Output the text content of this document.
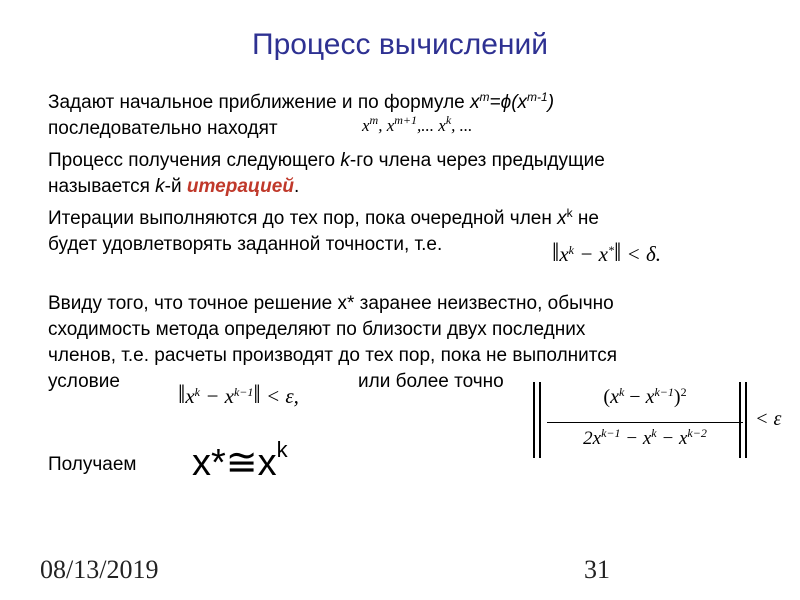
Процесс вычислений
Задают начальное приближение и по формуле $x^m=\phi(x^{m-1})$
последовательно находят	$x^m$, $x^{m+1}$,... $x^k$, ...
Процесс получения следующего k-го члена через предыдущие
называется k-й итерацией.
Итерации выполняются до тех пор, пока очередной член $x^k$ не
будет удовлетворять заданной точности, т.е.	$‖x^k$ − x*‖ < δ.
Ввиду того, что точное решение x* заранее неизвестно, обычно
сходимость метода определяют по близости двух последних
членов, т.е. расчеты производят до тех пор, пока не выполнится
условие	$‖x^k$ − $x^{k-1}‖ < \varepsilon$,
или более точно
$(x^k - x^{k-1})^2$
$2x^{k-1} - x^k - x^{k-2}$
< ε
Получаем	$x*≅x^k$
08/13/2019	31
